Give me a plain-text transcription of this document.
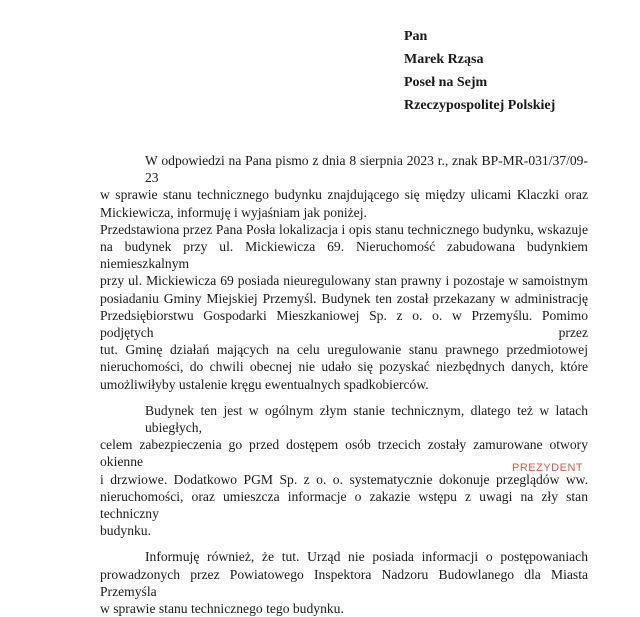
Pan
Marek Rząsa
Poseł na Sejm
Rzeczypospolitej Polskiej
W odpowiedzi na Pana pismo z dnia 8 sierpnia 2023 r., znak BP-MR-031/37/09-23
w sprawie stanu technicznego budynku znajdującego się między ulicami Klaczki oraz
Mickiewicza, informuję i wyjaśniam jak poniżej.
Przedstawiona przez Pana Posła lokalizacja i opis stanu technicznego budynku, wskazuje
na budynek przy ul. Mickiewicza 69. Nieruchomość zabudowana budynkiem niemieszkalnym
przy ul. Mickiewicza 69 posiada nieuregulowany stan prawny i pozostaje w samoistnym
posiadaniu Gminy Miejskiej Przemyśl. Budynek ten został przekazany w administrację
Przedsiębiorstwu Gospodarki Mieszkaniowej Sp. z o. o. w Przemyślu. Pomimo podjętych przez
tut. Gminę działań mających na celu uregulowanie stanu prawnego przedmiotowej
nieruchomości, do chwili obecnej nie udało się pozyskać niezbędnych danych, które
umożliwiłyby ustalenie kręgu ewentualnych spadkobierców.
Budynek ten jest w ogólnym złym stanie technicznym, dlatego też w latach ubiegłych,
celem zabezpieczenia go przed dostępem osób trzecich zostały zamurowane otwory okienne
i drzwiowe. Dodatkowo PGM Sp. z o. o. systematycznie dokonuje przeglądów ww.
nieruchomości, oraz umieszcza informacje o zakazie wstępu z uwagi na zły stan techniczny
budynku.
Informuję również, że tut. Urząd nie posiada informacji o postępowaniach
prowadzonych przez Powiatowego Inspektora Nadzoru Budowlanego dla Miasta Przemyśla
w sprawie stanu technicznego tego budynku.
PREZYDENT
